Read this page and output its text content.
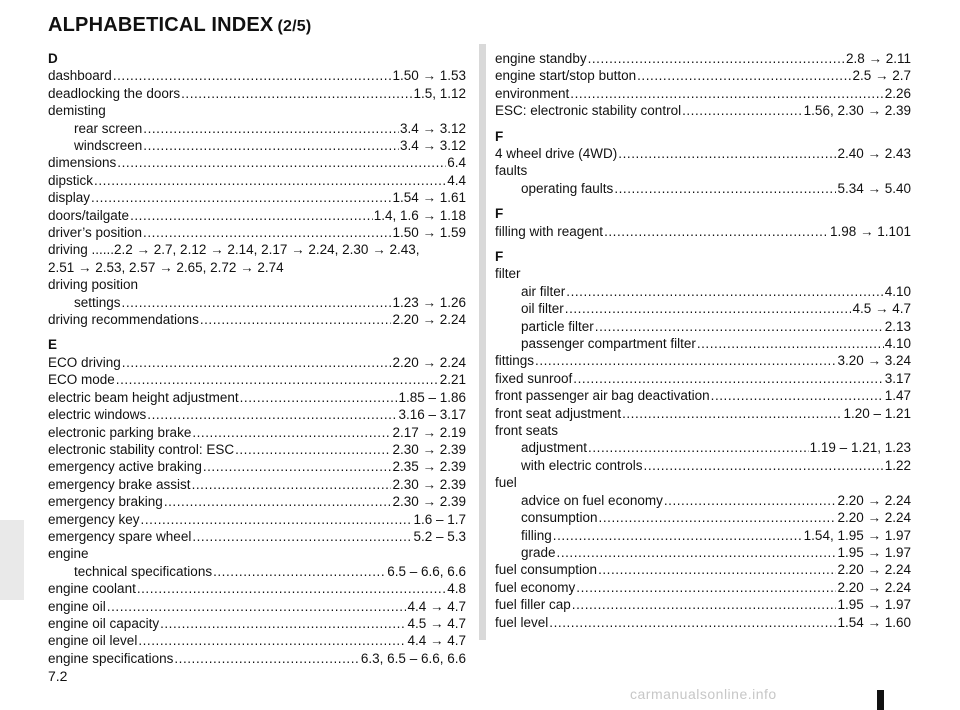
ALPHABETICAL INDEX (2/5)
D
dashboard . . .	1.50 → 1.53
deadlocking the doors . . .	1.5, 1.12
demisting
rear screen . . .	3.4 → 3.12
windscreen . . .	3.4 → 3.12
dimensions . . .	6.4
dipstick . . .	4.4
display . . .	1.54 → 1.61
doors/tailgate . . .	1.4, 1.6 → 1.18
driver’s position . . .	1.50 → 1.59
driving ......2.2 → 2.7, 2.12 → 2.14, 2.17 → 2.24, 2.30 → 2.43,
2.51 → 2.53, 2.57 → 2.65, 2.72 → 2.74
driving position
settings . . .	1.23 → 1.26
driving recommendations . . .	2.20 → 2.24
E
ECO driving . . .	2.20 → 2.24
ECO mode . . .	2.21
electric beam height adjustment . . .	1.85 – 1.86
electric windows . . .	3.16 – 3.17
electronic parking brake . . .	2.17 → 2.19
electronic stability control: ESC . . .	2.30 → 2.39
emergency active braking . . .	2.35 → 2.39
emergency brake assist . . .	2.30 → 2.39
emergency braking . . .	2.30 → 2.39
emergency key . . .	1.6 – 1.7
emergency spare wheel . . .	5.2 – 5.3
engine
technical specifications . . .	6.5 – 6.6, 6.6
engine coolant . . .	4.8
engine oil . . .	4.4 → 4.7
engine oil capacity . . .	4.5 → 4.7
engine oil level . . .	4.4 → 4.7
engine specifications . . .	6.3, 6.5 – 6.6, 6.6
engine standby . . .	2.8 → 2.11
engine start/stop button . . .	2.5 → 2.7
environment . . .	2.26
ESC: electronic stability control . . .	1.56, 2.30 → 2.39
F
4 wheel drive (4WD) . . .	2.40 → 2.43
faults
operating faults . . .	5.34 → 5.40
F
filling with reagent . . .	1.98 → 1.101
F
filter
air filter . . .	4.10
oil filter . . .	4.5 → 4.7
particle filter . . .	2.13
passenger compartment filter . . .	4.10
fittings . . .	3.20 → 3.24
fixed sunroof . . .	3.17
front passenger air bag deactivation . . .	1.47
front seat adjustment . . .	1.20 – 1.21
front seats
adjustment . . .	1.19 – 1.21, 1.23
with electric controls . . .	1.22
fuel
advice on fuel economy . . .	2.20 → 2.24
consumption . . .	2.20 → 2.24
filling . . .	1.54, 1.95 → 1.97
grade . . .	1.95 → 1.97
fuel consumption . . .	2.20 → 2.24
fuel economy . . .	2.20 → 2.24
fuel filler cap . . .	1.95 → 1.97
fuel level . . .	1.54 → 1.60
7.2
carmanualsonline.info
